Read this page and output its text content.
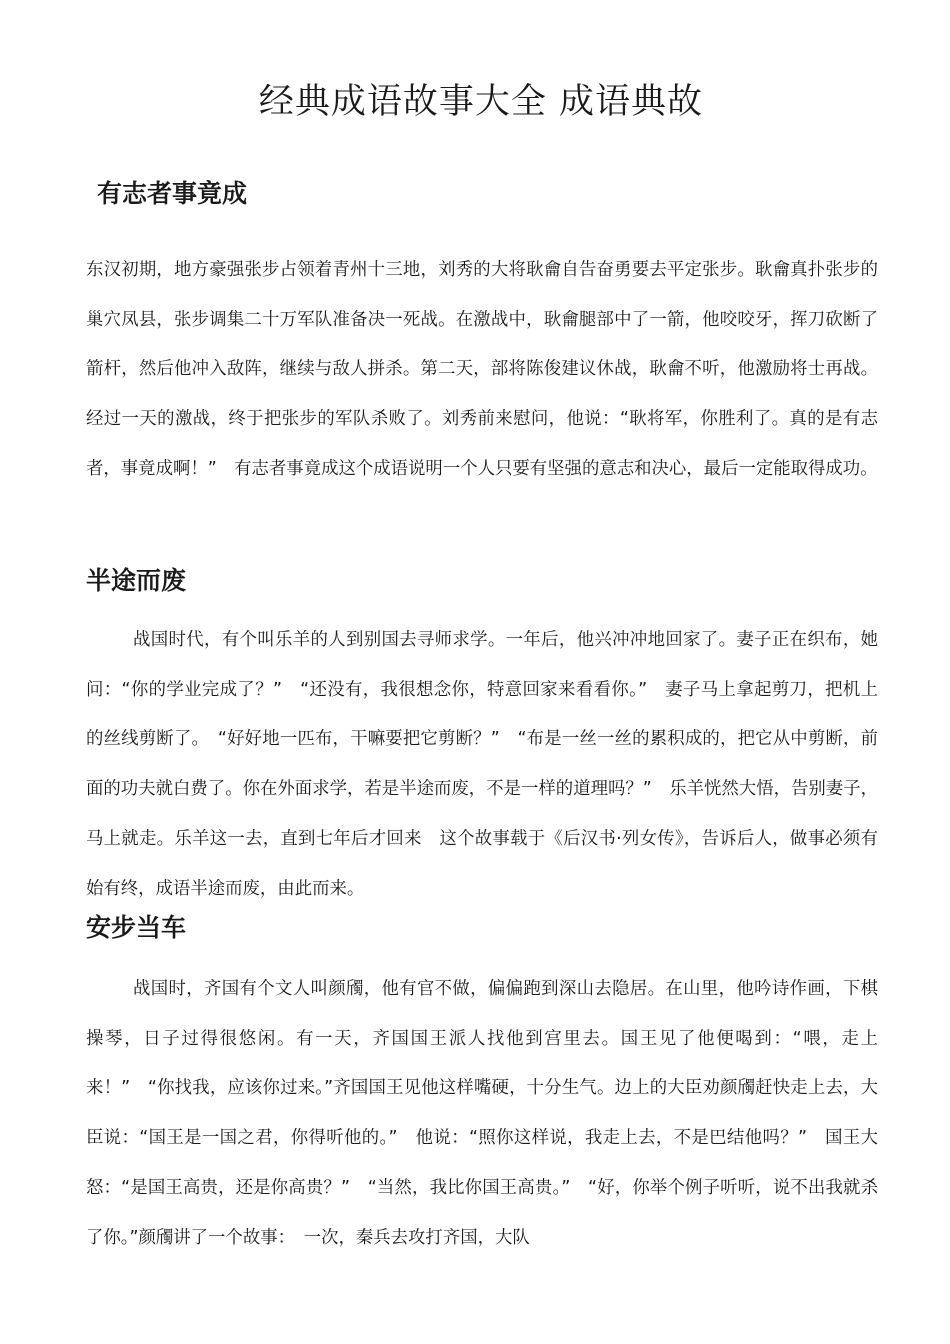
经典成语故事大全 成语典故
有志者事竟成

东汉初期，地方豪强张步占领着青州十三地，刘秀的大将耿龠自告奋勇要去平定张步。耿龠真扑张步的巢穴凤县，张步调集二十万军队准备决一死战。在激战中，耿龠腿部中了一箭，他咬咬牙，挥刀砍断了箭杆，然后他冲入敌阵，继续与敌人拼杀。第二天，部将陈俊建议休战，耿龠不听，他激励将士再战。经过一天的激战，终于把张步的军队杀败了。刘秀前来慰问，他说：“耿将军，你胜利了。真的是有志者，事竟成啊！”　有志者事竟成这个成语说明一个人只要有坚强的意志和决心，最后一定能取得成功。

半途而废

战国时代，有个叫乐羊的人到别国去寻师求学。一年后，他兴冲冲地回家了。妻子正在织布，她问：“你的学业完成了？”　“还没有，我很想念你，特意回家来看看你。”　妻子马上拿起剪刀，把机上的丝线剪断了。　“好好地一匹布，干嘛要把它剪断？”　“布是一丝一丝的累积成的，把它从中剪断，前面的功夫就白费了。你在外面求学，若是半途而废，不是一样的道理吗？”　乐羊恍然大悟，告别妻子，马上就走。乐羊这一去，直到七年后才回来　这个故事载于《后汉书·列女传》，告诉后人，做事必须有始有终，成语半途而废，由此而来。

安步当车

战国时，齐国有个文人叫颜斶，他有官不做，偏偏跑到深山去隐居。在山里，他吟诗作画，下棋操琴，日子过得很悠闲。有一天，齐国国王派人找他到宫里去。国王见了他便喝到：“喂，走上来！”　“你找我，应该你过来。”齐国国王见他这样嘴硬，十分生气。边上的大臣劝颜斶赶快走上去，大臣说：“国王是一国之君，你得听他的。”　他说：“照你这样说，我走上去，不是巴结他吗？”　国王大怒：“是国王高贵，还是你高贵？”　“当然，我比你国王高贵。”　“好，你举个例子听听，说不出我就杀了你。”颜斶讲了一个故事：　一次，秦兵去攻打齐国，大队
